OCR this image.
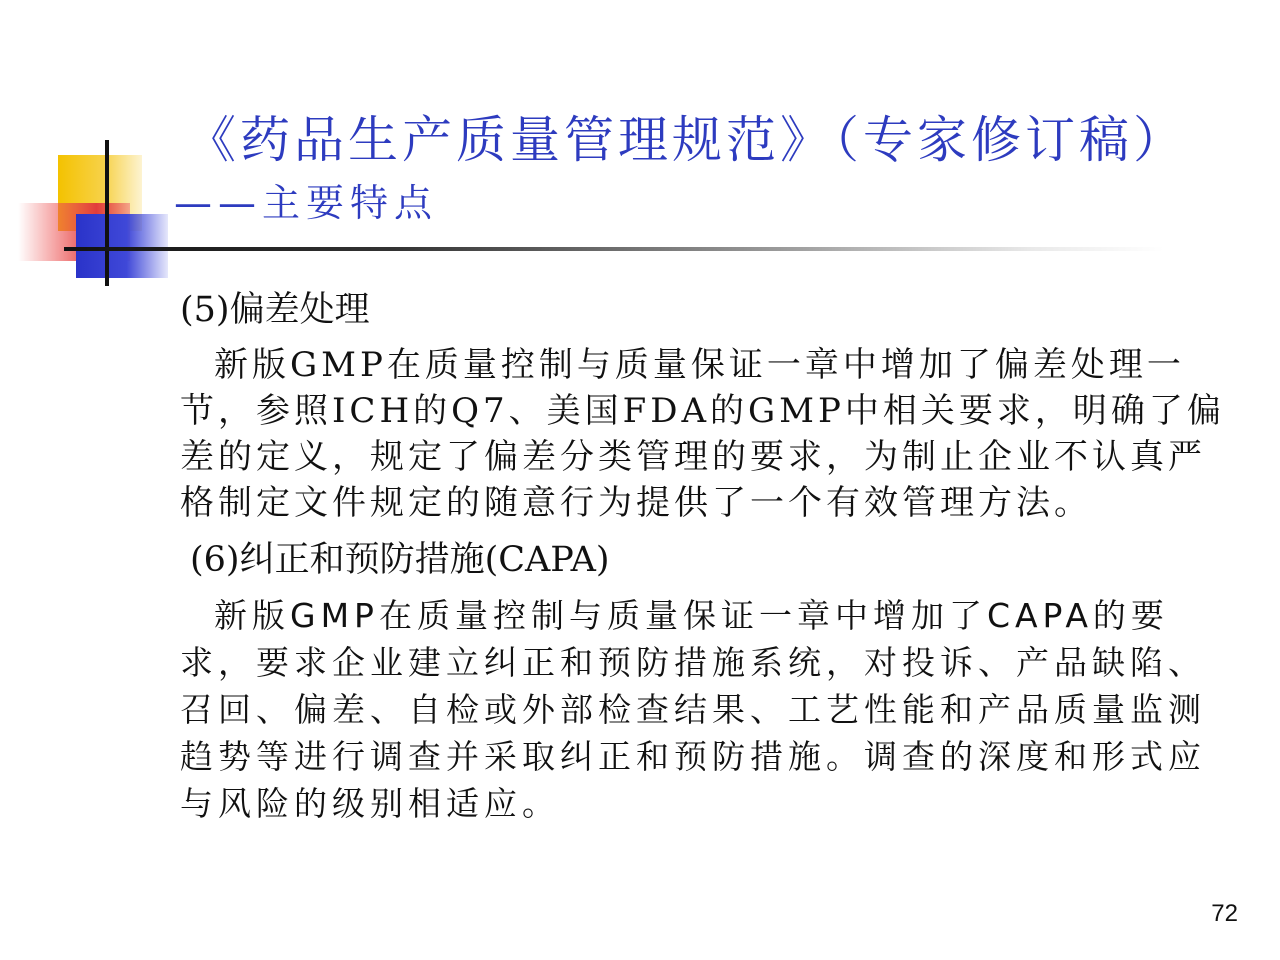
《药品生产质量管理规范》（专家修订稿）
——主要特点

(5)偏差处理

新版GMP在质量控制与质量保证一章中增加了偏差处理一节，参照ICH的Q7、美国FDA的GMP中相关要求，明确了偏差的定义，规定了偏差分类管理的要求，为制止企业不认真严格制定文件规定的随意行为提供了一个有效管理方法。

(6)纠正和预防措施(CAPA)

新版GMP在质量控制与质量保证一章中增加了CAPA的要求，要求企业建立纠正和预防措施系统，对投诉、产品缺陷、召回、偏差、自检或外部检查结果、工艺性能和产品质量监测趋势等进行调查并采取纠正和预防措施。调查的深度和形式应与风险的级别相适应。

72
